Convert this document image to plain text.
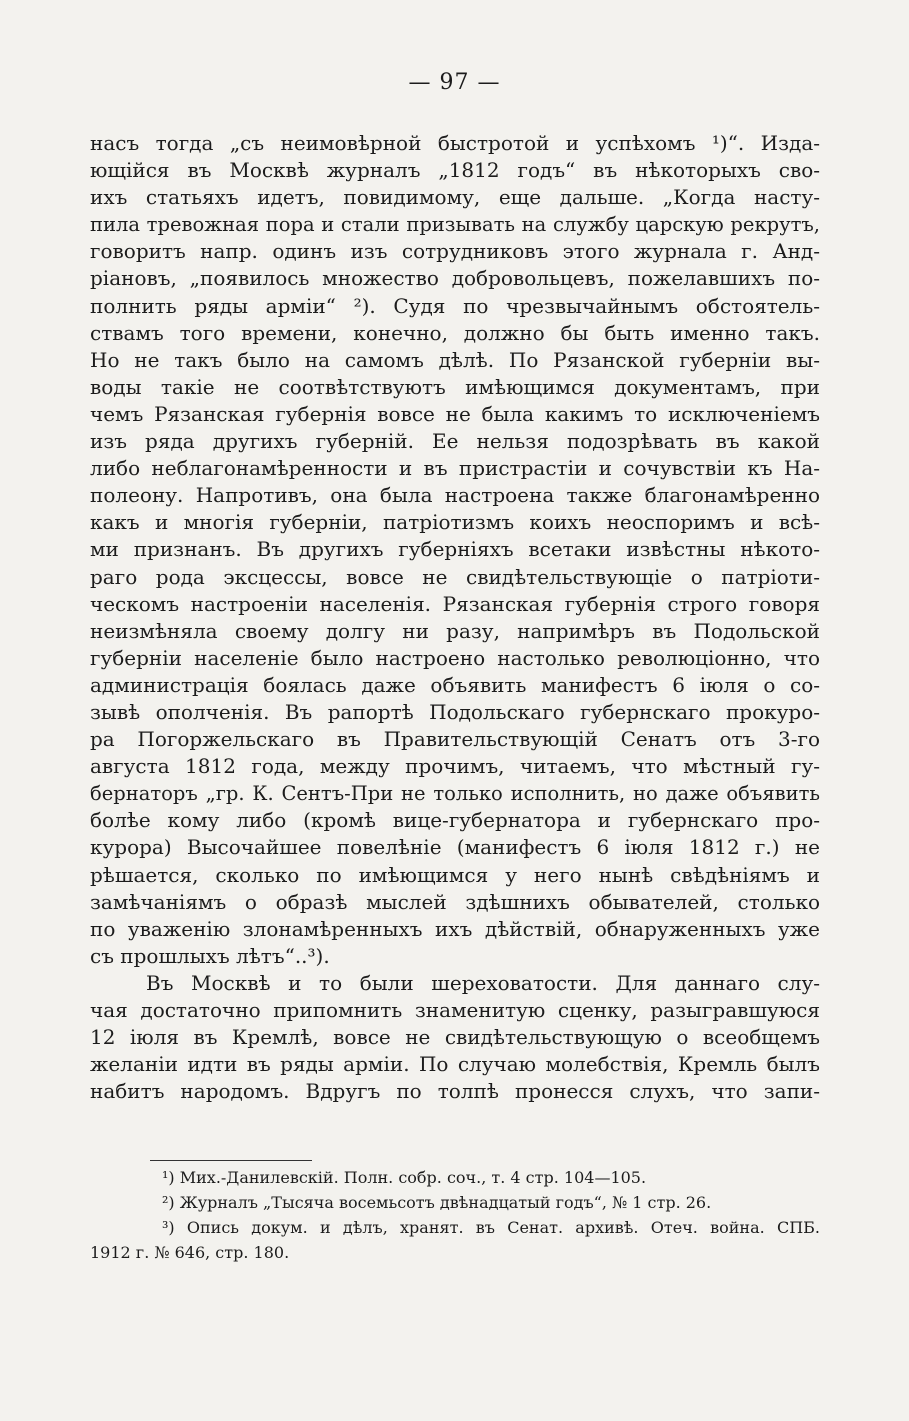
— 97 —
насъ тогда „съ неимовѣрной быстротой и успѣхомъ ¹)“. Изда-
ющійся въ Москвѣ журналъ „1812 годъ“ въ нѣкоторыхъ сво-
ихъ статьяхъ идетъ, повидимому, еще дальше. „Когда насту-
пила тревожная пора и стали призывать на службу царскую рекрутъ,
говоритъ напр. одинъ изъ сотрудниковъ этого журнала г. Анд-
ріановъ, „появилось множество добровольцевъ, пожелавшихъ по-
полнить ряды арміи“ ²). Судя по чрезвычайнымъ обстоятель-
ствамъ того времени, конечно, должно бы быть именно такъ.
Но не такъ было на самомъ дѣлѣ. По Рязанской губерніи вы-
воды такіе не соотвѣтствуютъ имѣющимся документамъ, при
чемъ Рязанская губернія вовсе не была какимъ то исключеніемъ
изъ ряда другихъ губерній. Ее нельзя подозрѣвать въ какой
либо неблагонамѣренности и въ пристрастіи и сочувствіи къ На-
полеону. Напротивъ, она была настроена также благонамѣренно
какъ и многія губерніи, патріотизмъ коихъ неоспоримъ и всѣ-
ми признанъ. Въ другихъ губерніяхъ всетаки извѣстны нѣкото-
раго рода эксцессы, вовсе не свидѣтельствующіе о патріоти-
ческомъ настроеніи населенія. Рязанская губернія строго говоря
неизмѣняла своему долгу ни разу, напримѣръ въ Подольской
губерніи населеніе было настроено настолько революціонно, что
администрація боялась даже объявить манифестъ 6 іюля о со-
зывѣ ополченія. Въ рапортѣ Подольскаго губернскаго прокуро-
ра Погоржельскаго въ Правительствующій Сенатъ отъ 3-го
августа 1812 года, между прочимъ, читаемъ, что мѣстный гу-
бернаторъ „гр. К. Сентъ-При не только исполнить, но даже объявить
болѣе кому либо (кромѣ вице-губернатора и губернскаго про-
курора) Высочайшее повелѣніе (манифестъ 6 іюля 1812 г.) не
рѣшается, сколько по имѣющимся у него нынѣ свѣдѣніямъ и
замѣчаніямъ о образѣ мыслей здѣшнихъ обывателей, столько
по уваженію злонамѣренныхъ ихъ дѣйствій, обнаруженныхъ уже
съ прошлыхъ лѣтъ“..³).
Въ Москвѣ и то были шереховатости. Для даннаго слу-
чая достаточно припомнить знаменитую сценку, разыгравшуюся
12 іюля въ Кремлѣ, вовсе не свидѣтельствующую о всеобщемъ
желаніи идти въ ряды арміи. По случаю молебствія, Кремль былъ
набитъ народомъ. Вдругъ по толпѣ пронесся слухъ, что запи-
¹) Мих.-Данилевскій. Полн. собр. соч., т. 4 стр. 104—105.
²) Журналъ „Тысяча восемьсотъ двѣнадцатый годъ“, № 1 стр. 26.
³) Опись докум. и дѣлъ, хранят. въ Сенат. архивѣ. Отеч. война. СПБ.
1912 г. № 646, стр. 180.
